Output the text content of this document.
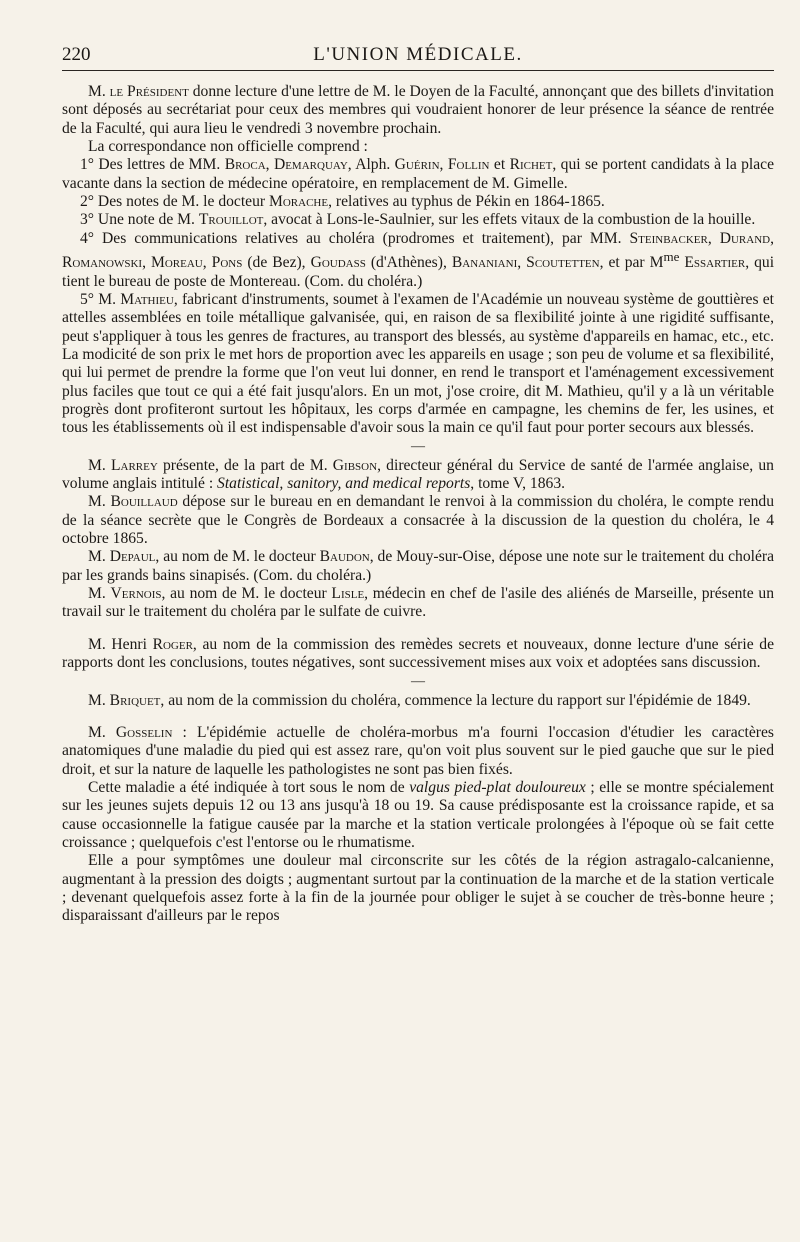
220	L'UNION MÉDICALE.

M. le Président donne lecture d'une lettre de M. le Doyen de la Faculté, annonçant que des billets d'invitation sont déposés au secrétariat pour ceux des membres qui voudraient honorer de leur présence la séance de rentrée de la Faculté, qui aura lieu le vendredi 3 novembre prochain.

La correspondance non officielle comprend :

1° Des lettres de MM. Broca, Demarquay, Alph. Guérin, Follin et Richet, qui se portent candidats à la place vacante dans la section de médecine opératoire, en remplacement de M. Gimelle.

2° Des notes de M. le docteur Morache, relatives au typhus de Pékin en 1864-1865.

3° Une note de M. Trouillot, avocat à Lons-le-Saulnier, sur les effets vitaux de la combustion de la houille.

4° Des communications relatives au choléra (prodromes et traitement), par MM. Steinbacker, Durand, Romanowski, Moreau, Pons (de Bez), Goudass (d'Athènes), Bananiani, Scoutetten, et par $M^{me}$ Essartier, qui tient le bureau de poste de Montereau. (Com. du choléra.)

5° M. Mathieu, fabricant d'instruments, soumet à l'examen de l'Académie un nouveau système de gouttières et attelles assemblées en toile métallique galvanisée, qui, en raison de sa flexibilité jointe à une rigidité suffisante, peut s'appliquer à tous les genres de fractures, au transport des blessés, au système d'appareils en hamac, etc., etc. La modicité de son prix le met hors de proportion avec les appareils en usage ; son peu de volume et sa flexibilité, qui lui permet de prendre la forme que l'on veut lui donner, en rend le transport et l'aménagement excessivement plus faciles que tout ce qui a été fait jusqu'alors. En un mot, j'ose croire, dit M. Mathieu, qu'il y a là un véritable progrès dont profiteront surtout les hôpitaux, les corps d'armée en campagne, les chemins de fer, les usines, et tous les établissements où il est indispensable d'avoir sous la main ce qu'il faut pour porter secours aux blessés.

—

M. Larrey présente, de la part de M. Gibson, directeur général du Service de santé de l'armée anglaise, un volume anglais intitulé : Statistical, sanitory, and medical reports, tome V, 1863.

M. Bouillaud dépose sur le bureau en en demandant le renvoi à la commission du choléra, le compte rendu de la séance secrète que le Congrès de Bordeaux a consacrée à la discussion de la question du choléra, le 4 octobre 1865.

M. Depaul, au nom de M. le docteur Baudon, de Mouy-sur-Oise, dépose une note sur le traitement du choléra par les grands bains sinapisés. (Com. du choléra.)

M. Vernois, au nom de M. le docteur Lisle, médecin en chef de l'asile des aliénés de Marseille, présente un travail sur le traitement du choléra par le sulfate de cuivre.

M. Henri Roger, au nom de la commission des remèdes secrets et nouveaux, donne lecture d'une série de rapports dont les conclusions, toutes négatives, sont successivement mises aux voix et adoptées sans discussion.

—

M. Briquet, au nom de la commission du choléra, commence la lecture du rapport sur l'épidémie de 1849.

M. Gosselin : L'épidémie actuelle de choléra-morbus m'a fourni l'occasion d'étudier les caractères anatomiques d'une maladie du pied qui est assez rare, qu'on voit plus souvent sur le pied gauche que sur le pied droit, et sur la nature de laquelle les pathologistes ne sont pas bien fixés.

Cette maladie a été indiquée à tort sous le nom de valgus pied-plat douloureux ; elle se montre spécialement sur les jeunes sujets depuis 12 ou 13 ans jusqu'à 18 ou 19. Sa cause prédisposante est la croissance rapide, et sa cause occasionnelle la fatigue causée par la marche et la station verticale prolongées à l'époque où se fait cette croissance ; quelquefois c'est l'entorse ou le rhumatisme.

Elle a pour symptômes une douleur mal circonscrite sur les côtés de la région astragalo-calcanienne, augmentant à la pression des doigts ; augmentant surtout par la continuation de la marche et de la station verticale ; devenant quelquefois assez forte à la fin de la journée pour obliger le sujet à se coucher de très-bonne heure ; disparaissant d'ailleurs par le repos
